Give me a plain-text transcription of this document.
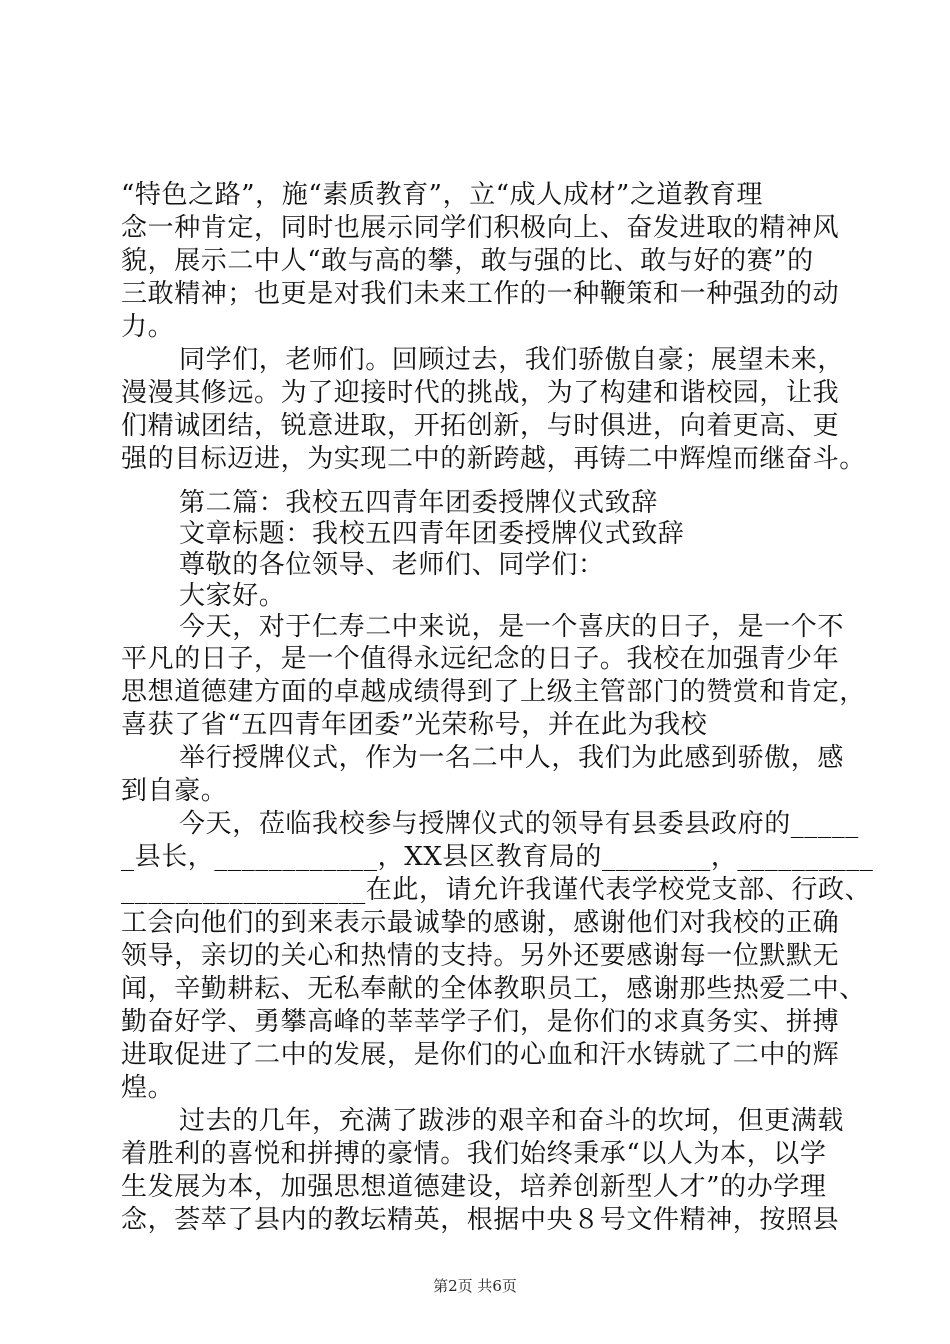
“特色之路”，施“素质教育”，立“成人成材”之道教育理
念一种肯定，同时也展示同学们积极向上、奋发进取的精神风
貌，展示二中人“敢与高的攀，敢与强的比、敢与好的赛”的
三敢精神；也更是对我们未来工作的一种鞭策和一种强劲的动
力。
同学们，老师们。回顾过去，我们骄傲自豪；展望未来，
漫漫其修远。为了迎接时代的挑战，为了构建和谐校园，让我
们精诚团结，锐意进取，开拓创新，与时俱进，向着更高、更
强的目标迈进，为实现二中的新跨越，再铸二中辉煌而继奋斗。
第二篇：我校五四青年团委授牌仪式致辞
文章标题：我校五四青年团委授牌仪式致辞
尊敬的各位领导、老师们、同学们：
大家好。
今天，对于仁寿二中来说，是一个喜庆的日子，是一个不
平凡的日子，是一个值得永远纪念的日子。我校在加强青少年
思想道德建方面的卓越成绩得到了上级主管部门的赞赏和肯定，
喜获了省“五四青年团委”光荣称号，并在此为我校
举行授牌仪式，作为一名二中人，我们为此感到骄傲，感
到自豪。
今天，莅临我校参与授牌仪式的领导有县委县政府的_____
_县长，____________，XX县区教育局的________，__________
__________________在此，请允许我谨代表学校党支部、行政、
工会向他们的到来表示最诚挚的感谢，感谢他们对我校的正确
领导，亲切的关心和热情的支持。另外还要感谢每一位默默无
闻，辛勤耕耘、无私奉献的全体教职员工，感谢那些热爱二中、
勤奋好学、勇攀高峰的莘莘学子们，是你们的求真务实、拼搏
进取促进了二中的发展，是你们的心血和汗水铸就了二中的辉
煌。
过去的几年，充满了跋涉的艰辛和奋斗的坎坷，但更满载
着胜利的喜悦和拼搏的豪情。我们始终秉承“以人为本，以学
生发展为本，加强思想道德建设，培养创新型人才”的办学理
念，荟萃了县内的教坛精英，根据中央８号文件精神，按照县
第2页 共6页
